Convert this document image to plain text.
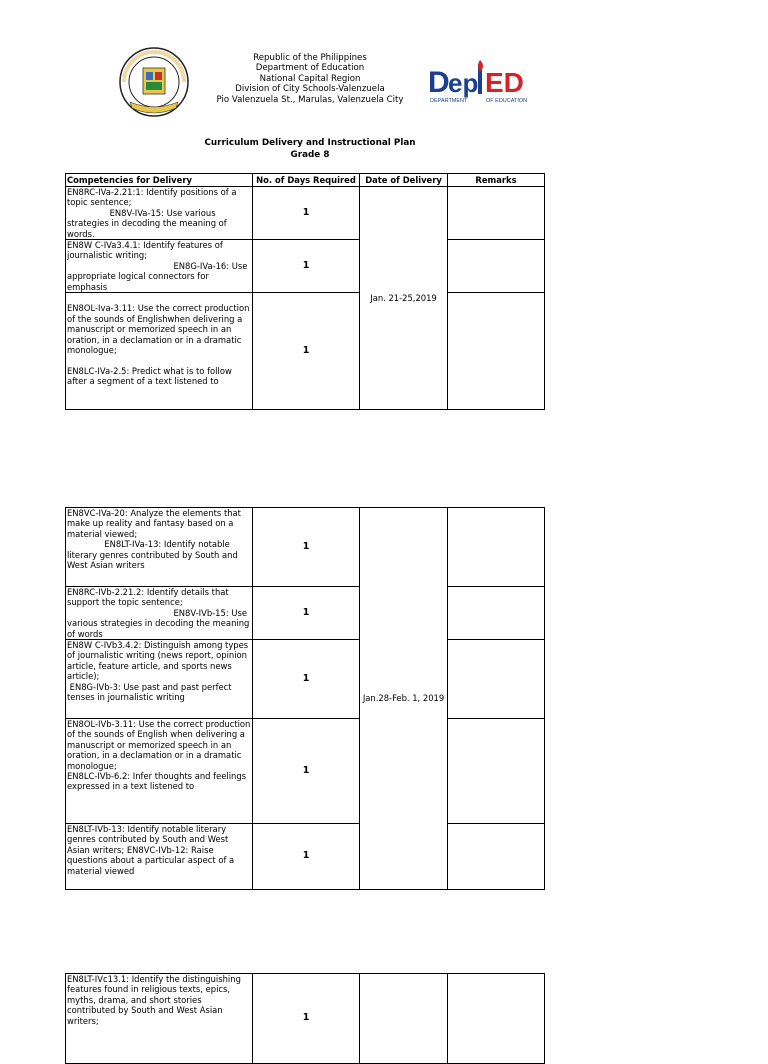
Republic of the Philippines
Department of Education
National Capital Region
Division of City Schools-Valenzuela
Pio Valenzuela St., Marulas, Valenzuela City
D
ep ED
DEPARTMENT	OF EDUCATION
Curriculum Delivery and Instructional Plan
Grade 8
Competencies for Delivery	No. of Days Required	Date of Delivery	Remarks
EN8RC-IVa-2.21:1: Identify positions of a topic sentence;
EN8V-IVa-15: Use various strategies in decoding the meaning of words.	1	Jan. 21-25,2019	
EN8W C-IVa3.4.1: Identify features of journalistic writing;
EN8G-IVa-16: Use appropriate logical connectors for emphasis	1		

EN8OL-Iva-3.11: Use the correct production of the sounds of Englishwhen delivering a manuscript or memorized speech in an oration, in a declamation or in a dramatic monologue;

EN8LC-IVa-2.5: Predict what is to follow after a segment of a text listened to	1		
EN8VC-IVa-20: Analyze the elements that make up reality and fantasy based on a material viewed;
EN8LT-IVa-13: Identify notable literary genres contributed by South and West Asian writers	1	Jan.28-Feb. 1, 2019	
EN8RC-IVb-2.21.2: Identify details that support the topic sentence;
EN8V-IVb-15: Use various strategies in decoding the meaning of words	1		
EN8W C-IVb3.4.2: Distinguish among types of journalistic writing (news report, opinion article, feature article, and sports news article);
EN8G-IVb-3: Use past and past perfect tenses in journalistic writing	1		
EN8OL-IVb-3.11: Use the correct production of the sounds of English when delivering a manuscript or memorized speech in an oration, in a declamation or in a dramatic monologue;
EN8LC-IVb-6.2: Infer thoughts and feelings expressed in a text listened to	1		
EN8LT-IVb-13: Identify notable literary genres contributed by South and West Asian writers; EN8VC-IVb-12: Raise questions about a particular aspect of a material viewed	1		
EN8LT-IVc13.1: Identify the distinguishing features found in religious texts, epics, myths, drama, and short stories contributed by South and West Asian writers;	1		
